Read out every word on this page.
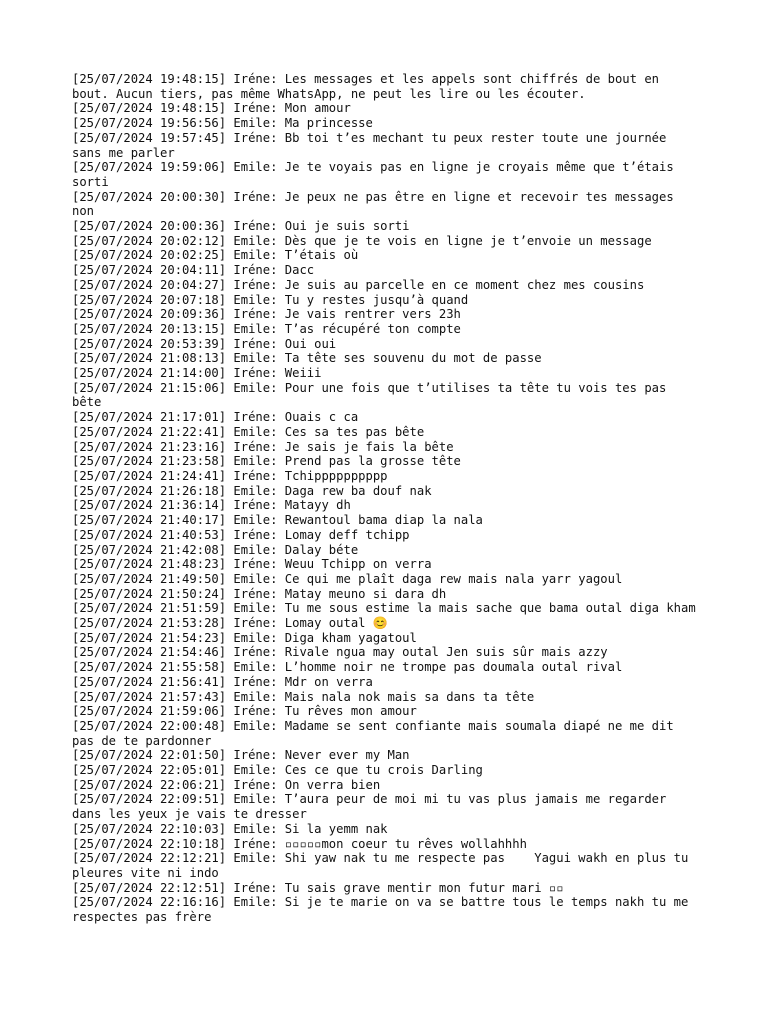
[25/07/2024 19:48:15] Iréne: Les messages et les appels sont chiffrés de bout en bout. Aucun tiers, pas même WhatsApp, ne peut les lire ou les écouter.
[25/07/2024 19:48:15] Iréne: Mon amour
[25/07/2024 19:56:56] Emile: Ma princesse
[25/07/2024 19:57:45] Iréne: Bb toi t’es mechant tu peux rester toute une journée sans me parler
[25/07/2024 19:59:06] Emile: Je te voyais pas en ligne je croyais même que t’étais sorti
[25/07/2024 20:00:30] Iréne: Je peux ne pas être en ligne et recevoir tes messages non
[25/07/2024 20:00:36] Iréne: Oui je suis sorti
[25/07/2024 20:02:12] Emile: Dès que je te vois en ligne je t’envoie un message
[25/07/2024 20:02:25] Emile: T’étais où
[25/07/2024 20:04:11] Iréne: Dacc
[25/07/2024 20:04:27] Iréne: Je suis au parcelle en ce moment chez mes cousins
[25/07/2024 20:07:18] Emile: Tu y restes jusqu’à quand
[25/07/2024 20:09:36] Iréne: Je vais rentrer vers 23h
[25/07/2024 20:13:15] Emile: T’as récupéré ton compte
[25/07/2024 20:53:39] Iréne: Oui oui
[25/07/2024 21:08:13] Emile: Ta tête ses souvenu du mot de passe
[25/07/2024 21:14:00] Iréne: Weiii
[25/07/2024 21:15:06] Emile: Pour une fois que t’utilises ta tête tu vois tes pas bête
[25/07/2024 21:17:01] Iréne: Ouais c ca
[25/07/2024 21:22:41] Emile: Ces sa tes pas bête
[25/07/2024 21:23:16] Iréne: Je sais je fais la bête
[25/07/2024 21:23:58] Emile: Prend pas la grosse tête
[25/07/2024 21:24:41] Iréne: Tchipppppppppp
[25/07/2024 21:26:18] Emile: Daga rew ba douf nak
[25/07/2024 21:36:14] Iréne: Matayy dh
[25/07/2024 21:40:17] Emile: Rewantoul bama diap la nala
[25/07/2024 21:40:53] Iréne: Lomay deff tchipp
[25/07/2024 21:42:08] Emile: Dalay béte
[25/07/2024 21:48:23] Iréne: Weuu Tchipp on verra
[25/07/2024 21:49:50] Emile: Ce qui me plaît daga rew mais nala yarr yagoul
[25/07/2024 21:50:24] Iréne: Matay meuno si dara dh
[25/07/2024 21:51:59] Emile: Tu me sous estime la mais sache que bama outal diga kham
[25/07/2024 21:53:28] Iréne: Lomay outal 😊
[25/07/2024 21:54:23] Emile: Diga kham yagatoul
[25/07/2024 21:54:46] Iréne: Rivale ngua may outal Jen suis sûr mais azzy
[25/07/2024 21:55:58] Emile: L’homme noir ne trompe pas doumala outal rival
[25/07/2024 21:56:41] Iréne: Mdr on verra
[25/07/2024 21:57:43] Emile: Mais nala nok mais sa dans ta tête
[25/07/2024 21:59:06] Iréne: Tu rêves mon amour
[25/07/2024 22:00:48] Emile: Madame se sent confiante mais soumala diapé ne me dit pas de te pardonner
[25/07/2024 22:01:50] Iréne: Never ever my Man
[25/07/2024 22:05:01] Emile: Ces ce que tu crois Darling
[25/07/2024 22:06:21] Iréne: On verra bien
[25/07/2024 22:09:51] Emile: T’aura peur de moi mi tu vas plus jamais me regarder dans les yeux je vais te dresser
[25/07/2024 22:10:03] Emile: Si la yemm nak
[25/07/2024 22:10:18] Iréne: ▫▫▫▫▫mon coeur tu rêves wollahhhh
[25/07/2024 22:12:21] Emile: Shi yaw nak tu me respecte pas    Yagui wakh en plus tu pleures vite ni indo
[25/07/2024 22:12:51] Iréne: Tu sais grave mentir mon futur mari ▫▫
[25/07/2024 22:16:16] Emile: Si je te marie on va se battre tous le temps nakh tu me respectes pas frère
